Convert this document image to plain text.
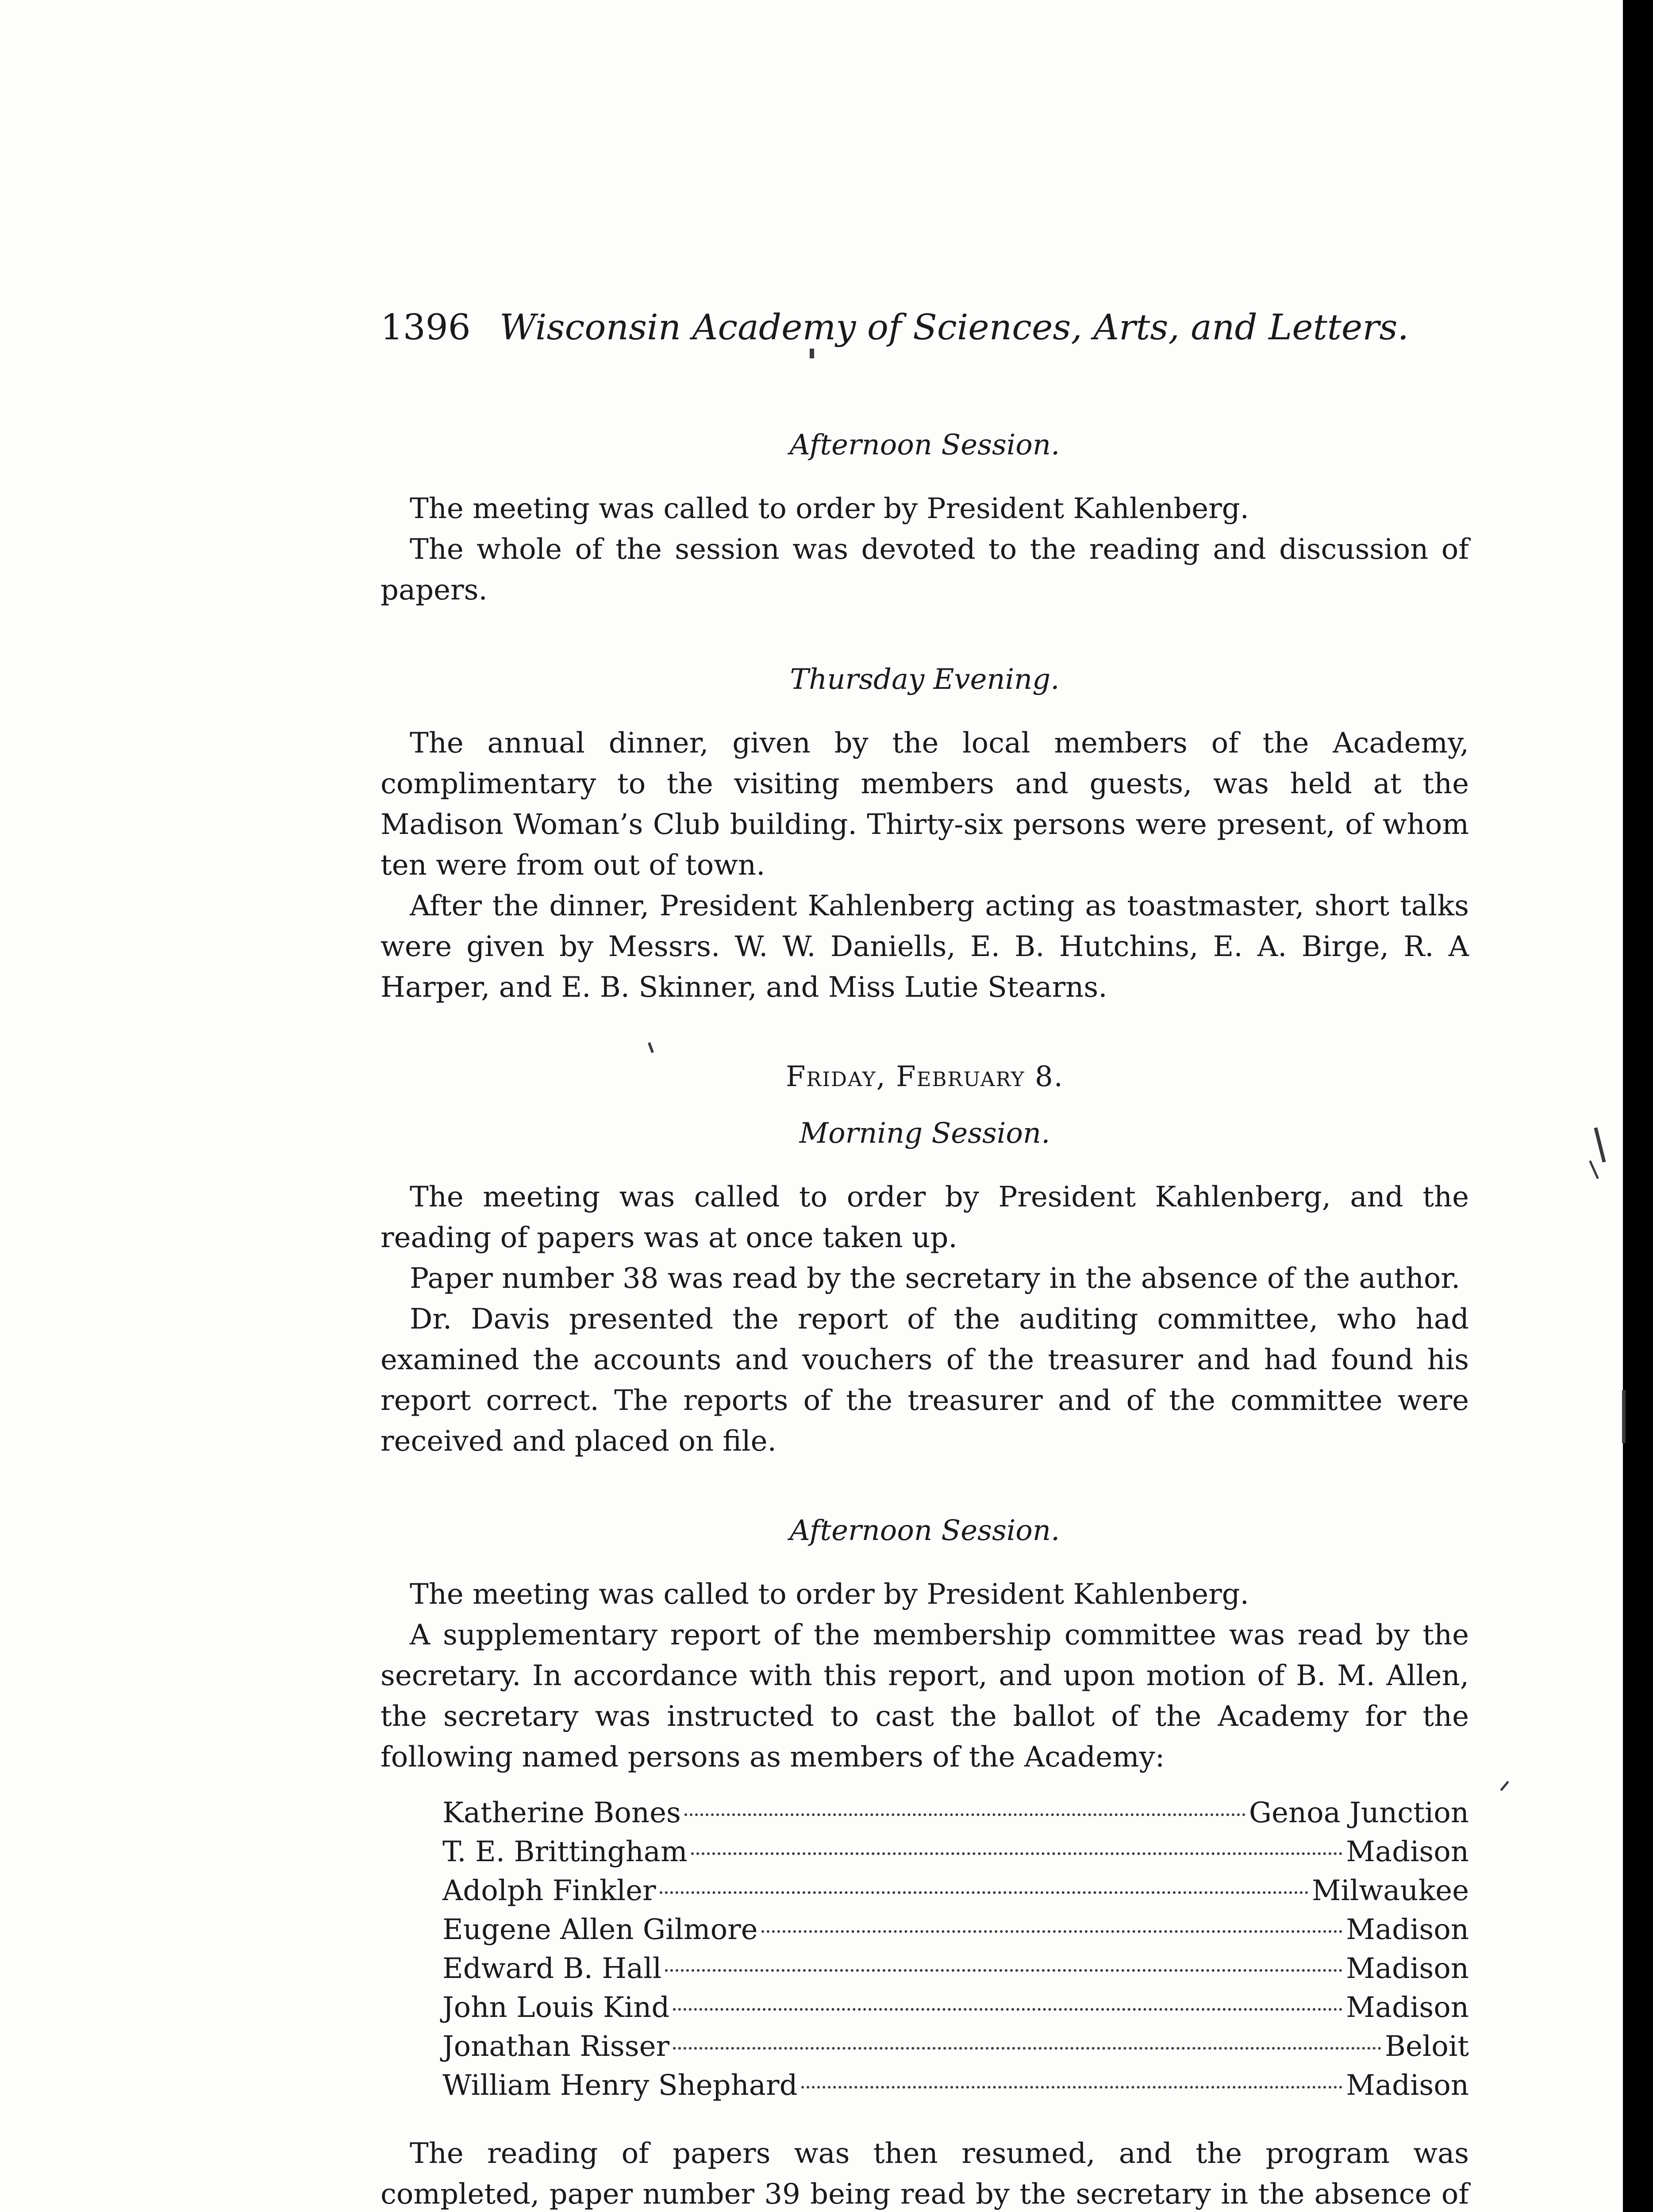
1396 Wisconsin Academy of Sciences, Arts, and Letters.

Afternoon Session.

The meeting was called to order by President Kahlenberg.

The whole of the session was devoted to the reading and discussion of papers.

Thursday Evening.

The annual dinner, given by the local members of the Academy, complimentary to the visiting members and guests, was held at the Madison Woman’s Club building. Thirty-six persons were present, of whom ten were from out of town.

After the dinner, President Kahlenberg acting as toastmaster, short talks were given by Messrs. W. W. Daniells, E. B. Hutchins, E. A. Birge, R. A Harper, and E. B. Skinner, and Miss Lutie Stearns.

Friday, February 8.

Morning Session.

The meeting was called to order by President Kahlenberg, and the reading of papers was at once taken up.

Paper number 38 was read by the secretary in the absence of the author.

Dr. Davis presented the report of the auditing committee, who had examined the accounts and vouchers of the treasurer and had found his report correct. The reports of the treasurer and of the committee were received and placed on file.

Afternoon Session.

The meeting was called to order by President Kahlenberg.

A supplementary report of the membership committee was read by the secretary. In accordance with this report, and upon motion of B. M. Allen, the secretary was instructed to cast the ballot of the Academy for the following named persons as members of the Academy:

Katherine Bones	Genoa Junction
T. E. Brittingham	Madison
Adolph Finkler	Milwaukee
Eugene Allen Gilmore	Madison
Edward B. Hall	Madison
John Louis Kind	Madison
Jonathan Risser	Beloit
William Henry Shephard	Madison

The reading of papers was then resumed, and the program was completed, paper number 39 being read by the secretary in the absence of
